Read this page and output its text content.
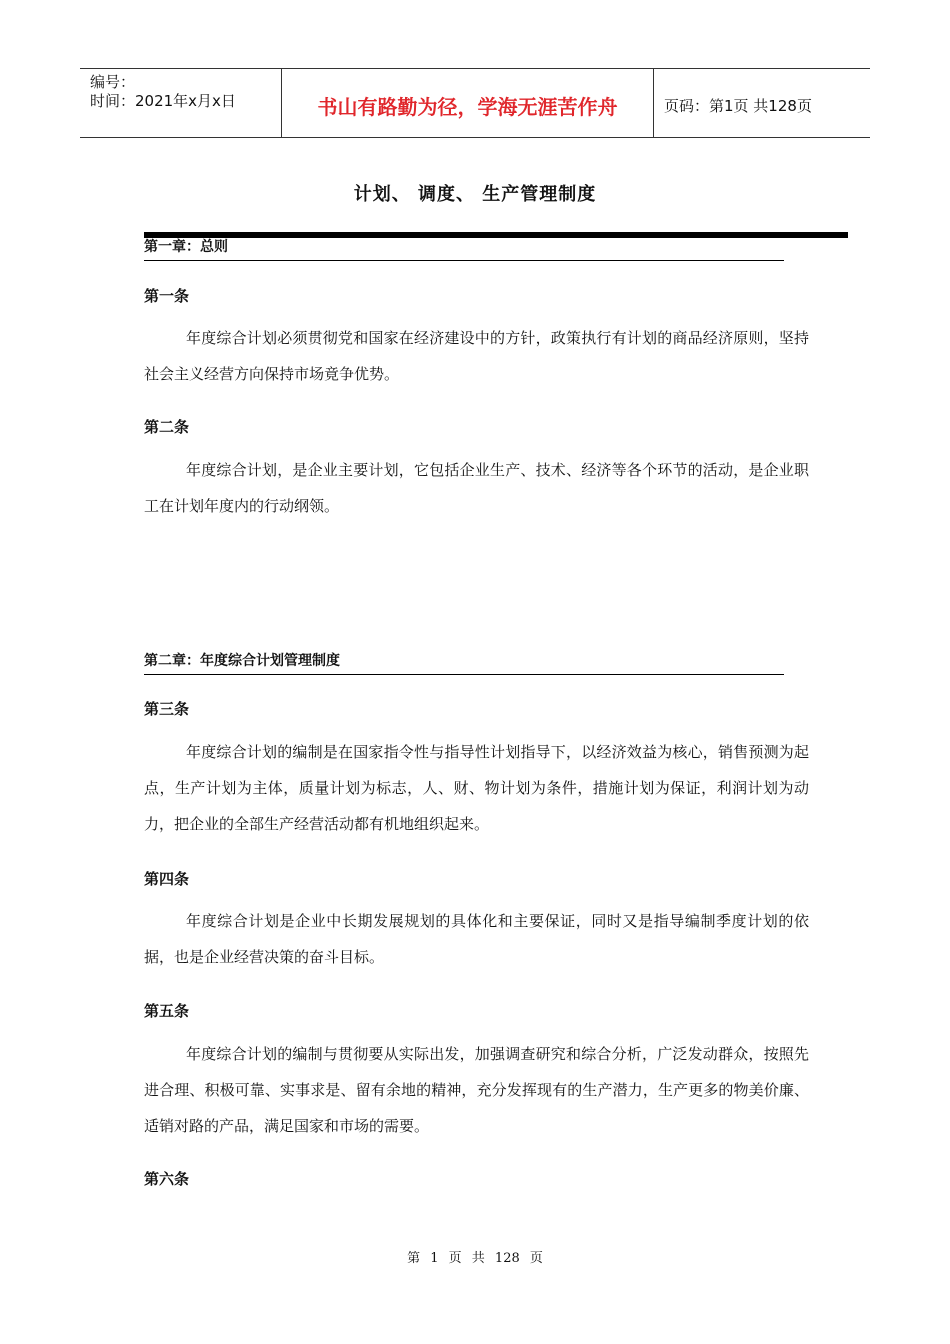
编号：
时间：2021年x月x日	书山有路勤为径，学海无涯苦作舟	页码：第1页 共128页
计划、 调度、 生产管理制度
第一章：总则
第一条

年度综合计划必须贯彻党和国家在经济建设中的方针，政策执行有计划的商品经济原则，坚持社会主义经营方向保持市场竟争优势。

第二条

年度综合计划，是企业主要计划，它包括企业生产、技术、经济等各个环节的活动，是企业职工在计划年度内的行动纲领。

第二章：年度综合计划管理制度
第三条

年度综合计划的编制是在国家指令性与指导性计划指导下，以经济效益为核心，销售预测为起点，生产计划为主体，质量计划为标志，人、财、物计划为条件，措施计划为保证，利润计划为动力，把企业的全部生产经营活动都有机地组织起来。

第四条

年度综合计划是企业中长期发展规划的具体化和主要保证，同时又是指导编制季度计划的依据，也是企业经营决策的奋斗目标。

第五条

年度综合计划的编制与贯彻要从实际出发，加强调查研究和综合分析，广泛发动群众，按照先进合理、积极可靠、实事求是、留有余地的精神，充分发挥现有的生产潜力，生产更多的物美价廉、适销对路的产品，满足国家和市场的需要。

第六条
第 1 页 共 128 页
